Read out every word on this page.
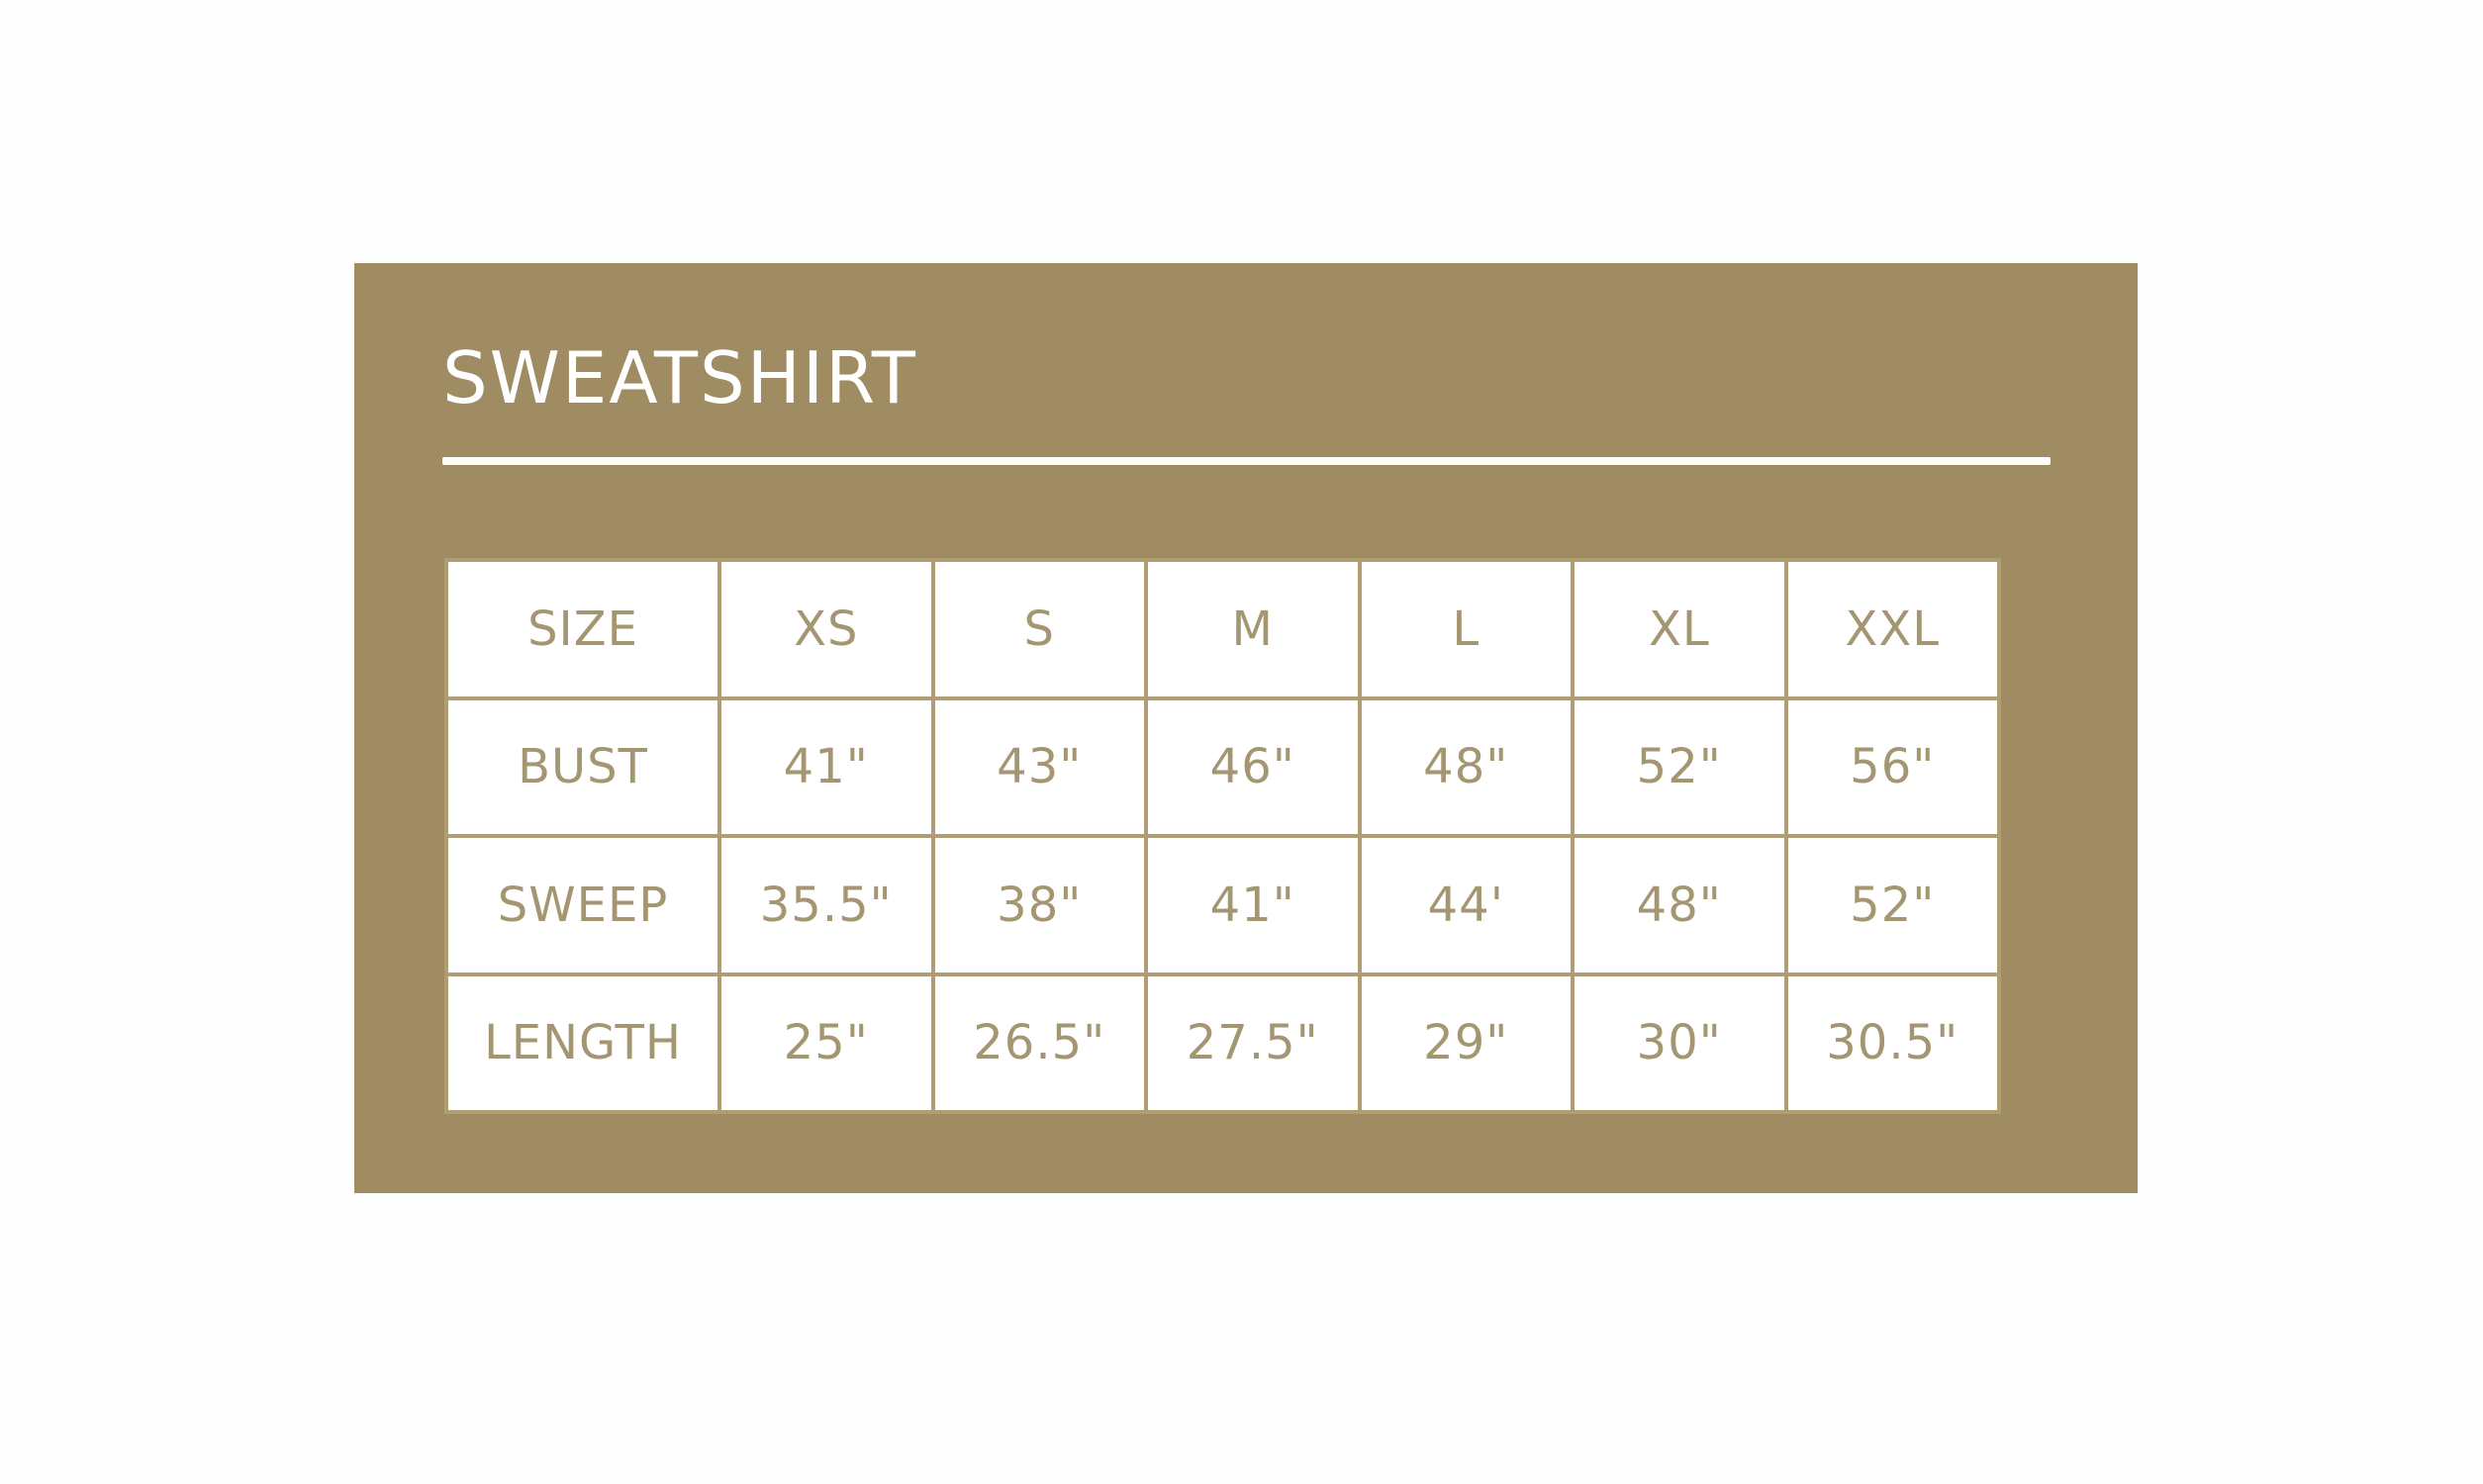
SWEATSHIRT
SIZE	XS	S	M	L	XL	XXL
BUST	41"	43"	46"	48"	52"	56"
SWEEP	35.5"	38"	41"	44'	48"	52"
LENGTH	25"	26.5"	27.5"	29"	30"	30.5"
